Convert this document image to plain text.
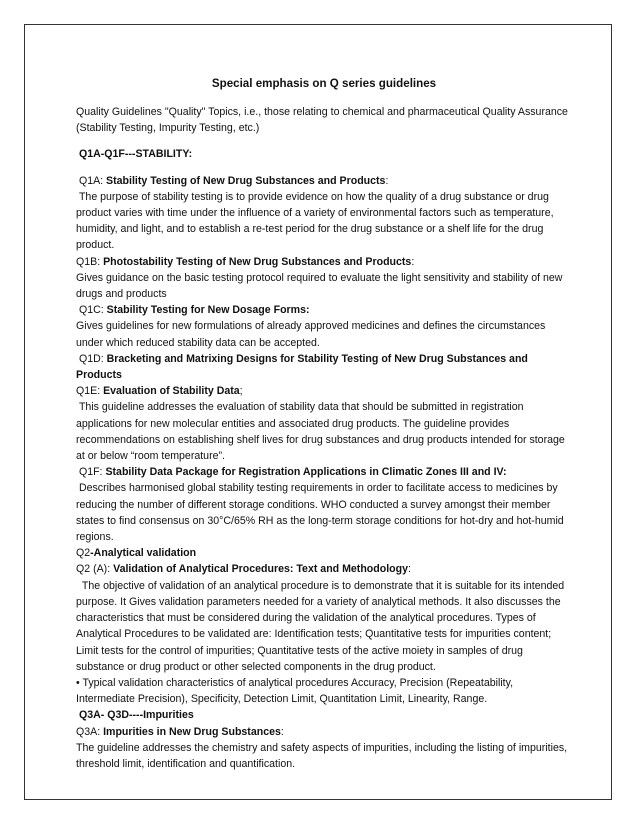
Special emphasis on Q series guidelines

Quality Guidelines "Quality" Topics, i.e., those relating to chemical and pharmaceutical Quality Assurance (Stability Testing, Impurity Testing, etc.)

Q1A-Q1F---STABILITY:

Q1A: Stability Testing of New Drug Substances and Products:

The purpose of stability testing is to provide evidence on how the quality of a drug substance or drug product varies with time under the influence of a variety of environmental factors such as temperature, humidity, and light, and to establish a re-test period for the drug substance or a shelf life for the drug product.

Q1B: Photostability Testing of New Drug Substances and Products:

Gives guidance on the basic testing protocol required to evaluate the light sensitivity and stability of new drugs and products

Q1C: Stability Testing for New Dosage Forms:

Gives guidelines for new formulations of already approved medicines and defines the circumstances under which reduced stability data can be accepted.

Q1D: Bracketing and Matrixing Designs for Stability Testing of New Drug Substances and Products

Q1E: Evaluation of Stability Data;

This guideline addresses the evaluation of stability data that should be submitted in registration applications for new molecular entities and associated drug products. The guideline provides recommendations on establishing shelf lives for drug substances and drug products intended for storage at or below “room temperature”.

Q1F: Stability Data Package for Registration Applications in Climatic Zones III and IV:

Describes harmonised global stability testing requirements in order to facilitate access to medicines by reducing the number of different storage conditions. WHO conducted a survey amongst their member states to find consensus on 30°C/65% RH as the long-term storage conditions for hot-dry and hot-humid regions.

Q2-Analytical validation

Q2 (A): Validation of Analytical Procedures: Text and Methodology:

The objective of validation of an analytical procedure is to demonstrate that it is suitable for its intended purpose. It Gives validation parameters needed for a variety of analytical methods. It also discusses the characteristics that must be considered during the validation of the analytical procedures. Types of Analytical Procedures to be validated are: Identification tests; Quantitative tests for impurities content; Limit tests for the control of impurities; Quantitative tests of the active moiety in samples of drug substance or drug product or other selected components in the drug product.

• Typical validation characteristics of analytical procedures Accuracy, Precision (Repeatability, Intermediate Precision), Specificity, Detection Limit, Quantitation Limit, Linearity, Range.

Q3A- Q3D----Impurities

Q3A: Impurities in New Drug Substances:

The guideline addresses the chemistry and safety aspects of impurities, including the listing of impurities, threshold limit, identification and quantification.
